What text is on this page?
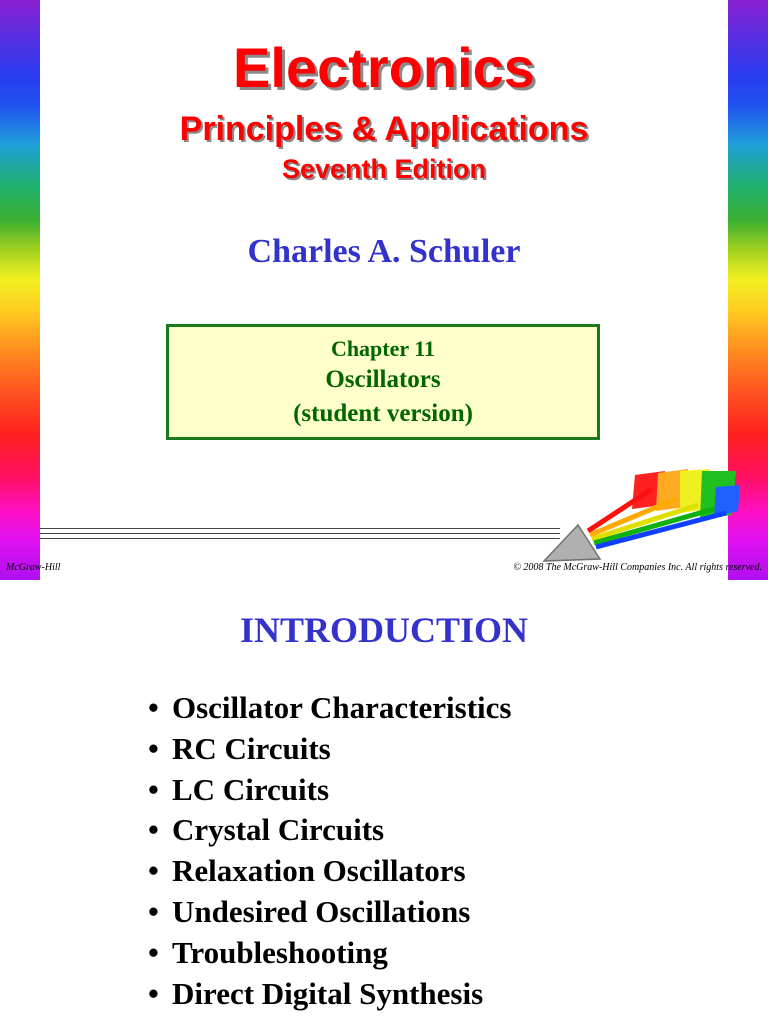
Electronics
Principles & Applications
Seventh Edition
Charles A. Schuler
Chapter 11
Oscillators
(student version)
McGraw-Hill	© 2008 The McGraw-Hill Companies Inc. All rights reserved.
INTRODUCTION
• Oscillator Characteristics
• RC Circuits
• LC Circuits
• Crystal Circuits
• Relaxation Oscillators
• Undesired Oscillations
• Troubleshooting
• Direct Digital Synthesis
